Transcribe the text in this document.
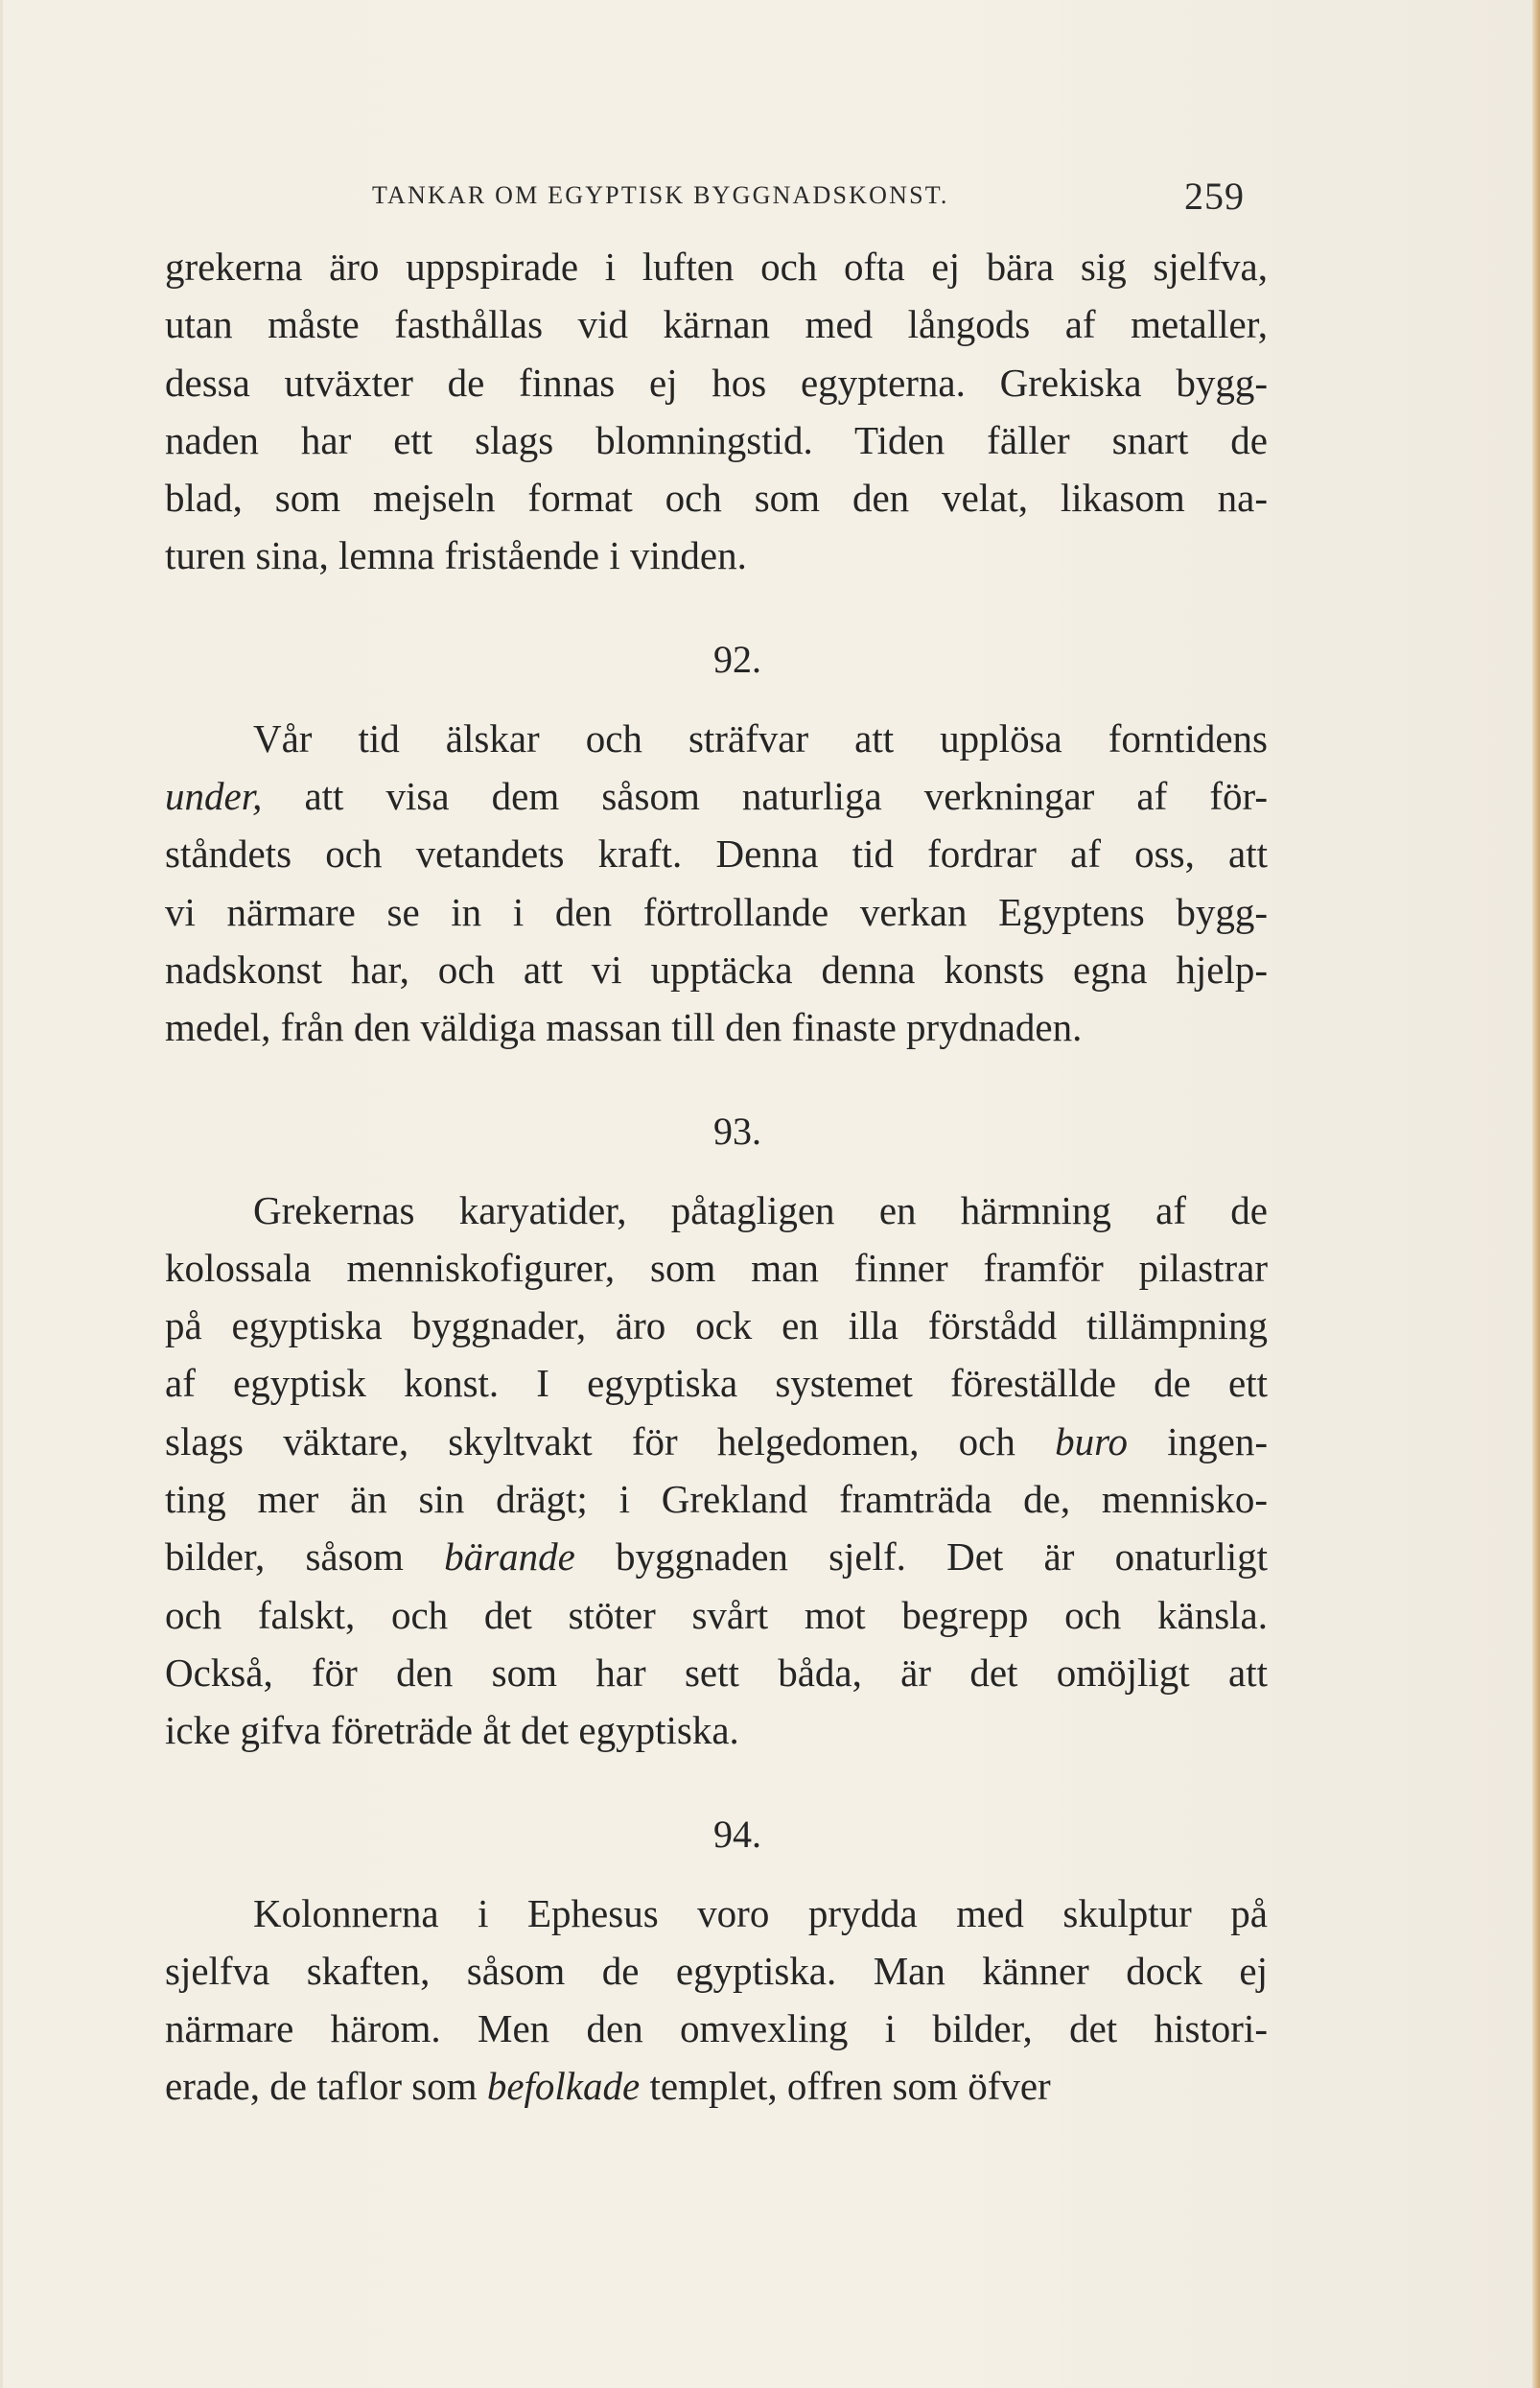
TANKAR OM EGYPTISK BYGGNADSKONST.	259
grekerna äro uppspirade i luften och ofta ej bära sig sjelfva,
utan måste fasthållas vid kärnan med långods af metaller,
dessa utväxter de finnas ej hos egypterna. Grekiska bygg-
naden har ett slags blomningstid. Tiden fäller snart de
blad, som mejseln format och som den velat, likasom na-
turen sina, lemna fristående i vinden.

92.

Vår tid älskar och sträfvar att upplösa forntidens
under, att visa dem såsom naturliga verkningar af för-
ståndets och vetandets kraft. Denna tid fordrar af oss, att
vi närmare se in i den förtrollande verkan Egyptens bygg-
nadskonst har, och att vi upptäcka denna konsts egna hjelp-
medel, från den väldiga massan till den finaste prydnaden.

93.

Grekernas karyatider, påtagligen en härmning af de
kolossala menniskofigurer, som man finner framför pilastrar
på egyptiska byggnader, äro ock en illa förstådd tillämpning
af egyptisk konst. I egyptiska systemet föreställde de ett
slags väktare, skyltvakt för helgedomen, och buro ingen-
ting mer än sin drägt; i Grekland framträda de, mennisko-
bilder, såsom bärande byggnaden sjelf. Det är onaturligt
och falskt, och det stöter svårt mot begrepp och känsla.
Också, för den som har sett båda, är det omöjligt att
icke gifva företräde åt det egyptiska.

94.

Kolonnerna i Ephesus voro prydda med skulptur på
sjelfva skaften, såsom de egyptiska. Man känner dock ej
närmare härom. Men den omvexling i bilder, det histori-
erade, de taflor som befolkade templet, offren som öfver
